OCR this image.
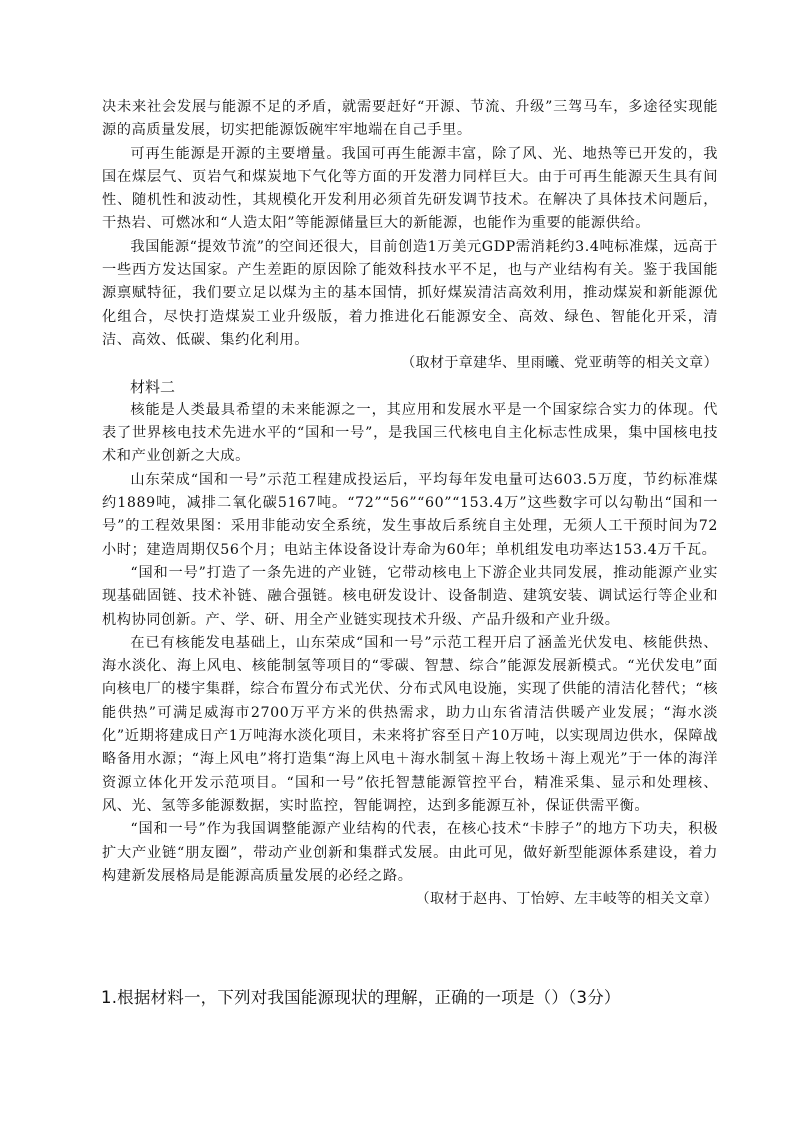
决未来社会发展与能源不足的矛盾，就需要赶好“开源、节流、升级”三驾马车，多途径实现能源的高质量发展，切实把能源饭碗牢牢地端在自己手里。

可再生能源是开源的主要增量。我国可再生能源丰富，除了风、光、地热等已开发的，我国在煤层气、页岩气和煤炭地下气化等方面的开发潜力同样巨大。由于可再生能源天生具有间性、随机性和波动性，其规模化开发利用必须首先研发调节技术。在解决了具体技术问题后，干热岩、可燃冰和“人造太阳”等能源储量巨大的新能源，也能作为重要的能源供给。

我国能源“提效节流”的空间还很大，目前创造1万美元GDP需消耗约3.4吨标准煤，远高于一些西方发达国家。产生差距的原因除了能效科技水平不足，也与产业结构有关。鉴于我国能源禀赋特征，我们要立足以煤为主的基本国情，抓好煤炭清洁高效利用，推动煤炭和新能源优化组合，尽快打造煤炭工业升级版，着力推进化石能源安全、高效、绿色、智能化开采，清洁、高效、低碳、集约化利用。

（取材于章建华、里雨曦、党亚萌等的相关文章）

材料二

核能是人类最具希望的未来能源之一，其应用和发展水平是一个国家综合实力的体现。代表了世界核电技术先进水平的“国和一号”，是我国三代核电自主化标志性成果，集中国核电技术和产业创新之大成。

山东荣成“国和一号”示范工程建成投运后，平均每年发电量可达603.5万度，节约标准煤约1889吨，减排二氧化碳5167吨。“72”“56”“60”“153.4万”这些数字可以勾勒出“国和一号”的工程效果图：采用非能动安全系统，发生事故后系统自主处理，无须人工干预时间为72小时；建造周期仅56个月；电站主体设备设计寿命为60年；单机组发电功率达153.4万千瓦。

“国和一号”打造了一条先进的产业链，它带动核电上下游企业共同发展，推动能源产业实现基础固链、技术补链、融合强链。核电研发设计、设备制造、建筑安装、调试运行等企业和机构协同创新。产、学、研、用全产业链实现技术升级、产品升级和产业升级。

在已有核能发电基础上，山东荣成“国和一号”示范工程开启了涵盖光伏发电、核能供热、海水淡化、海上风电、核能制氢等项目的“零碳、智慧、综合”能源发展新模式。“光伏发电”面向核电厂的楼宇集群，综合布置分布式光伏、分布式风电设施，实现了供能的清洁化替代；“核能供热”可满足威海市2700万平方米的供热需求，助力山东省清洁供暖产业发展；“海水淡化”近期将建成日产1万吨海水淡化项目，未来将扩容至日产10万吨，以实现周边供水，保障战略备用水源；“海上风电”将打造集“海上风电＋海水制氢＋海上牧场＋海上观光”于一体的海洋资源立体化开发示范项目。“国和一号”依托智慧能源管控平台，精准采集、显示和处理核、风、光、氢等多能源数据，实时监控，智能调控，达到多能源互补，保证供需平衡。

“国和一号”作为我国调整能源产业结构的代表，在核心技术“卡脖子”的地方下功夫，积极扩大产业链“朋友圈”，带动产业创新和集群式发展。由此可见，做好新型能源体系建设，着力构建新发展格局是能源高质量发展的必经之路。

（取材于赵冉、丁怡婷、左丰岐等的相关文章）

1.根据材料一，下列对我国能源现状的理解，正确的一项是（）（3分）
